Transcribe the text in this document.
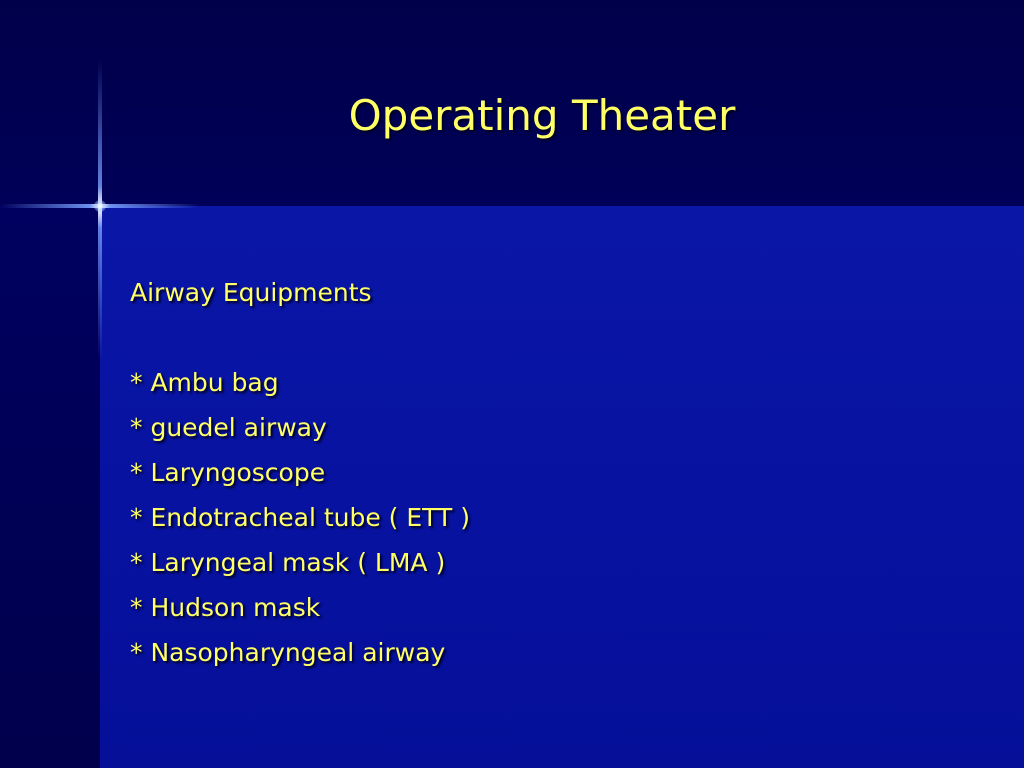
Operating Theater
Airway Equipments
* Ambu bag
* guedel airway
* Laryngoscope
* Endotracheal tube ( ETT )
* Laryngeal mask ( LMA )
* Hudson mask
* Nasopharyngeal airway
